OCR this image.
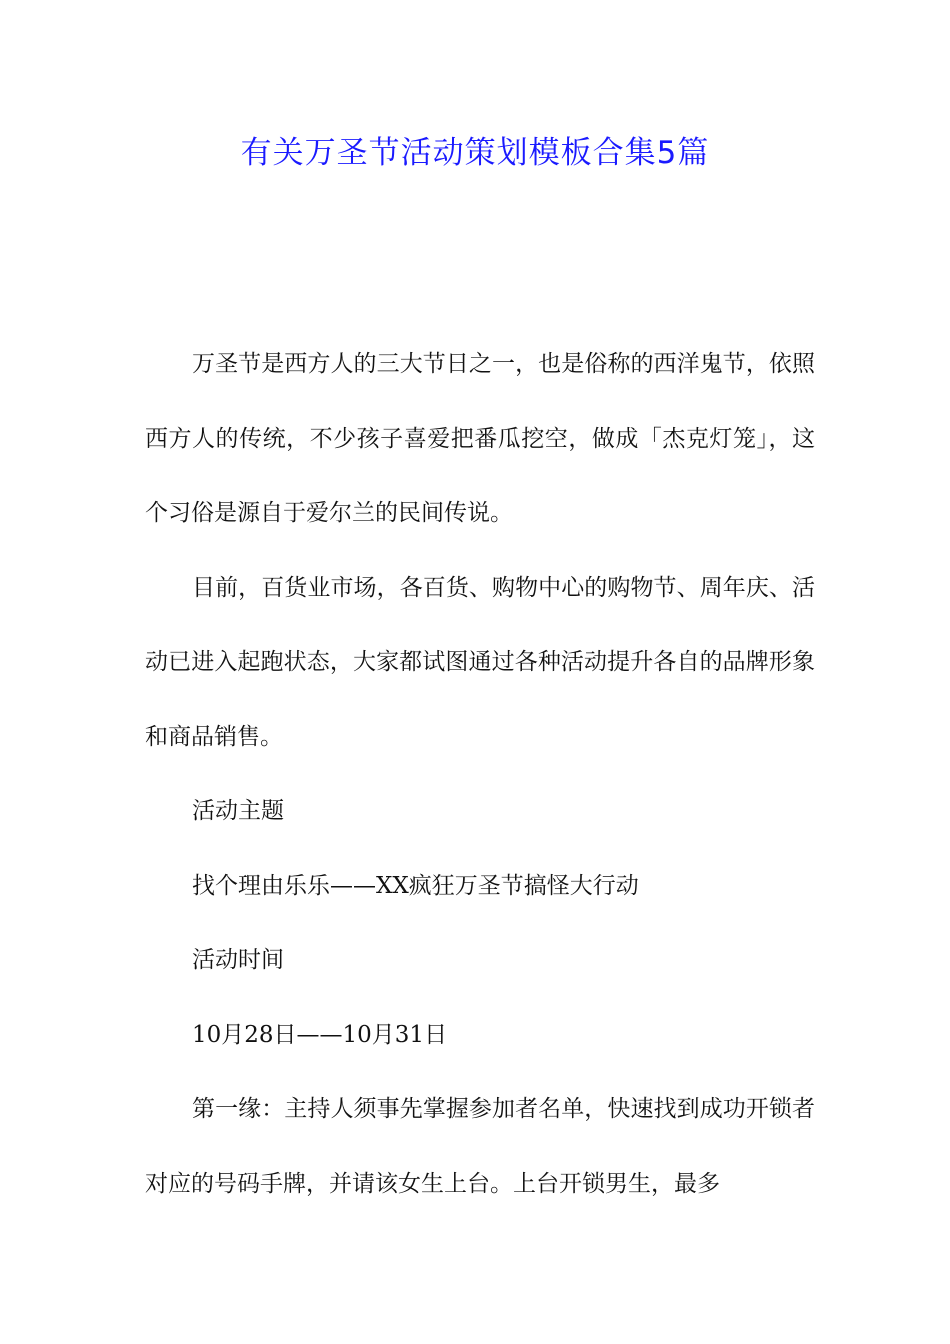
有关万圣节活动策划模板合集5篇

万圣节是西方人的三大节日之一，也是俗称的西洋鬼节，依照西方人的传统，不少孩子喜爱把番瓜挖空，做成「杰克灯笼」，这个习俗是源自于爱尔兰的民间传说。

目前，百货业市场，各百货、购物中心的购物节、周年庆、活动已进入起跑状态，大家都试图通过各种活动提升各自的品牌形象和商品销售。

活动主题

找个理由乐乐——XX疯狂万圣节搞怪大行动

活动时间

10月28日——10月31日

第一缘：主持人须事先掌握参加者名单，快速找到成功开锁者对应的号码手牌，并请该女生上台。上台开锁男生，最多
